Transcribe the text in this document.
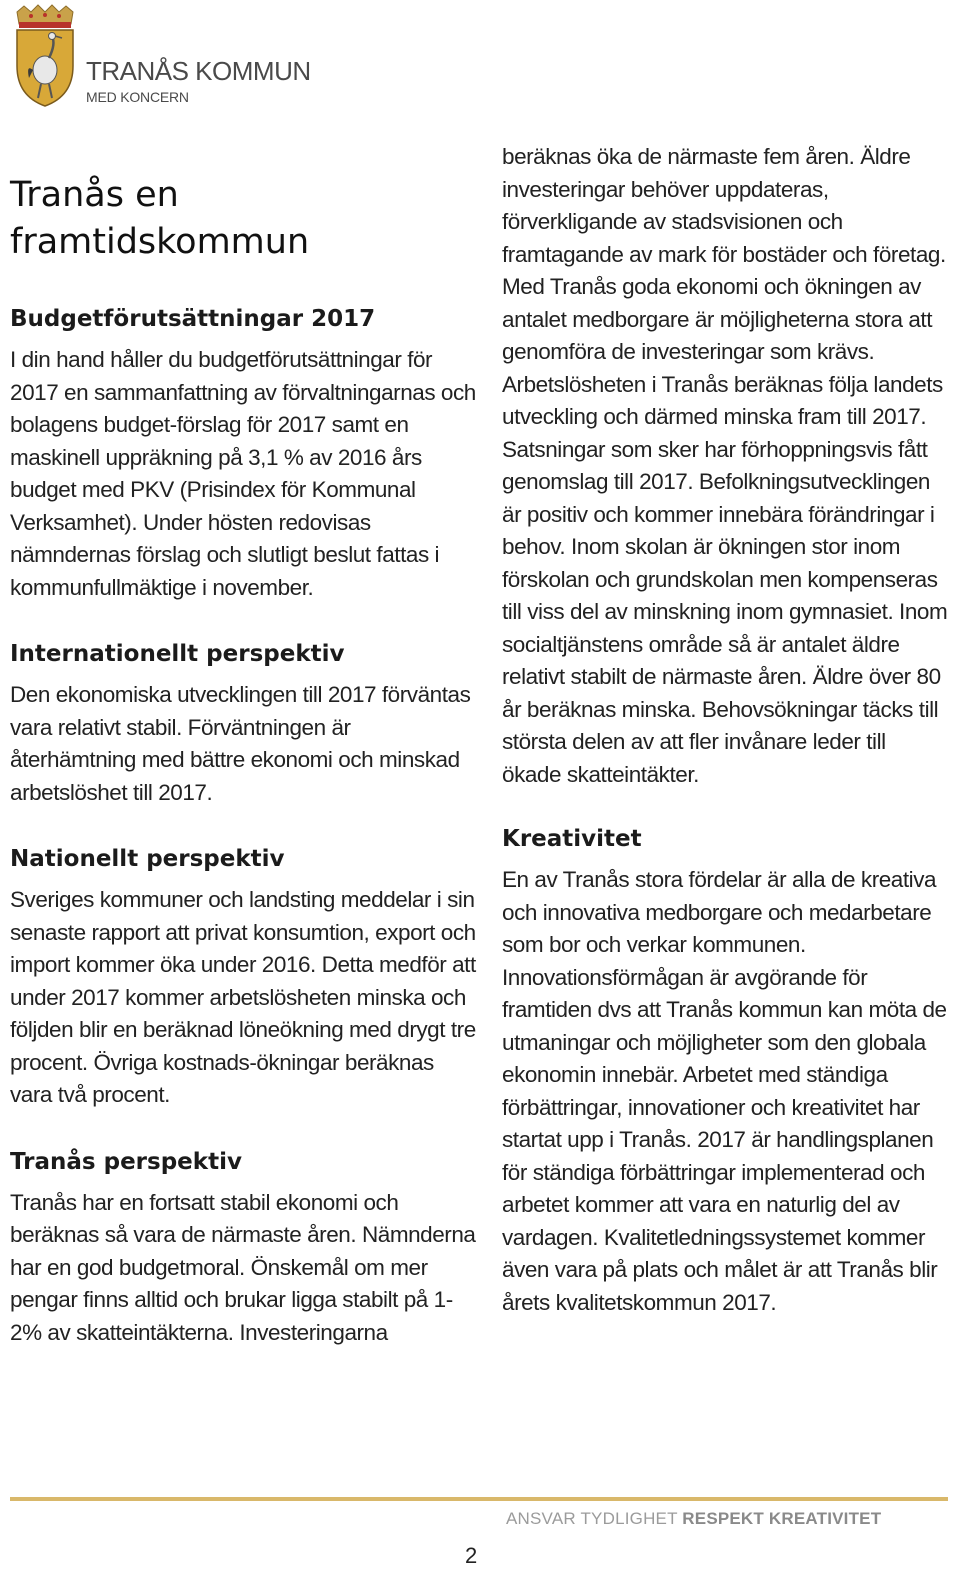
TRANÅS KOMMUN
MED KONCERN
Tranås en framtidskommun
Budgetförutsättningar 2017

I din hand håller du budgetförutsättningar för 2017 en sammanfattning av förvaltningarnas och bolagens budget-förslag för 2017 samt en maskinell uppräkning på 3,1 % av 2016 års budget med PKV (Prisindex för Kommunal Verksamhet). Under hösten redovisas nämndernas förslag och slutligt beslut fattas i kommunfullmäktige i november.

Internationellt perspektiv

Den ekonomiska utvecklingen till 2017 förväntas vara relativt stabil. Förväntningen är återhämtning med bättre ekonomi och minskad arbetslöshet till 2017.

Nationellt perspektiv

Sveriges kommuner och landsting meddelar i sin senaste rapport att privat konsumtion, export och import kommer öka under 2016. Detta medför att under 2017 kommer arbetslösheten minska och följden blir en beräknad löneökning med drygt tre procent. Övriga kostnads-ökningar beräknas vara två procent.

Tranås perspektiv

Tranås har en fortsatt stabil ekonomi och beräknas så vara de närmaste åren. Nämnderna har en god budgetmoral. Önskemål om mer pengar finns alltid och brukar ligga stabilt på 1-2% av skatteintäkterna. Investeringarna

beräknas öka de närmaste fem åren. Äldre investeringar behöver uppdateras, förverkligande av stadsvisionen och framtagande av mark för bostäder och företag. Med Tranås goda ekonomi och ökningen av antalet medborgare är möjligheterna stora att genomföra de investeringar som krävs. Arbetslösheten i Tranås beräknas följa landets utveckling och därmed minska fram till 2017. Satsningar som sker har förhoppningsvis fått genomslag till 2017. Befolkningsutvecklingen är positiv och kommer innebära förändringar i behov. Inom skolan är ökningen stor inom förskolan och grundskolan men kompenseras till viss del av minskning inom gymnasiet. Inom socialtjänstens område så är antalet äldre relativt stabilt de närmaste åren. Äldre över 80 år beräknas minska. Behovsökningar täcks till största delen av att fler invånare leder till ökade skatteintäkter.

Kreativitet

En av Tranås stora fördelar är alla de kreativa och innovativa medborgare och medarbetare som bor och verkar kommunen. Innovationsförmågan är avgörande för framtiden dvs att Tranås kommun kan möta de utmaningar och möjligheter som den globala ekonomin innebär. Arbetet med ständiga förbättringar, innovationer och kreativitet har startat upp i Tranås. 2017 är handlingsplanen för ständiga förbättringar implementerad och arbetet kommer att vara en naturlig del av vardagen. Kvalitetledningssystemet kommer även vara på plats och målet är att Tranås blir årets kvalitetskommun 2017.

ANSVAR TYDLIGHET RESPEKT KREATIVITET
2
